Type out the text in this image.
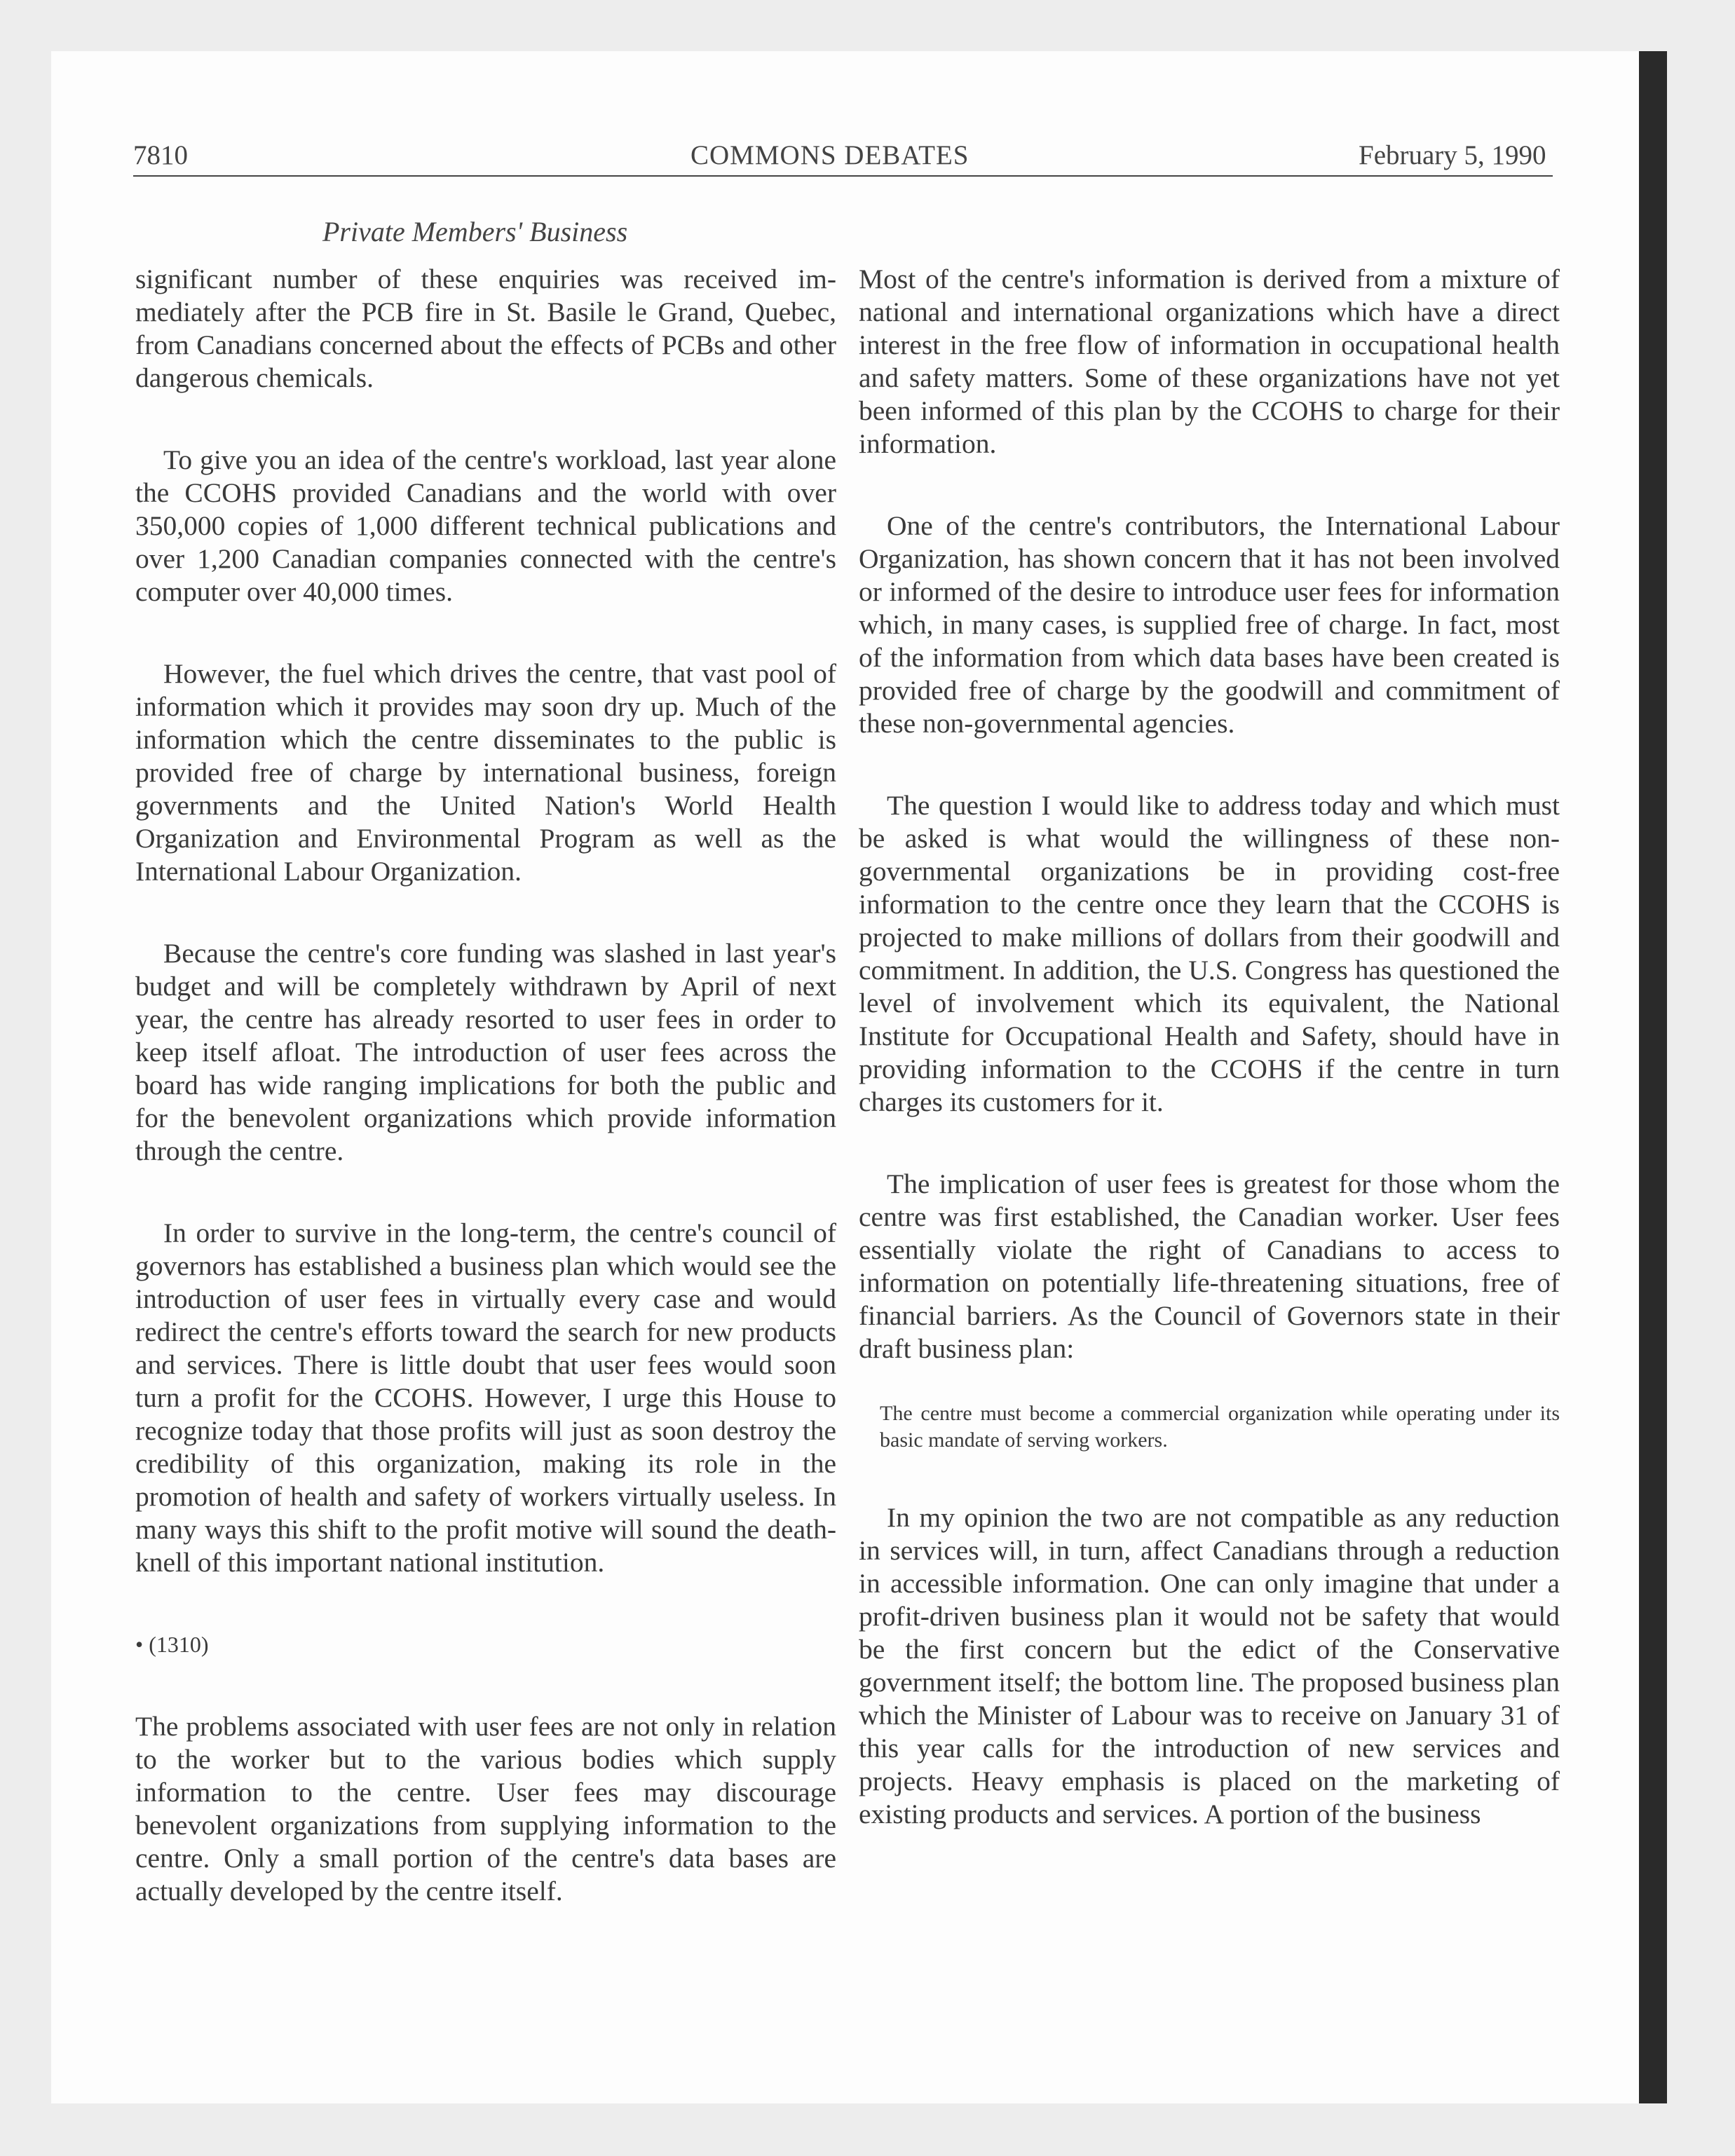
7810	COMMONS DEBATES	February 5, 1990
Private Members' Business

significant number of these enquiries was received immediately after the PCB fire in St. Basile le Grand, Quebec, from Canadians concerned about the effects of PCBs and other dangerous chemicals.

To give you an idea of the centre's workload, last year alone the CCOHS provided Canadians and the world with over 350,000 copies of 1,000 different technical publications and over 1,200 Canadian companies connected with the centre's computer over 40,000 times.

However, the fuel which drives the centre, that vast pool of information which it provides may soon dry up. Much of the information which the centre disseminates to the public is provided free of charge by international business, foreign governments and the United Nation's World Health Organization and Environmental Program as well as the International Labour Organization.

Because the centre's core funding was slashed in last year's budget and will be completely withdrawn by April of next year, the centre has already resorted to user fees in order to keep itself afloat. The introduction of user fees across the board has wide ranging implications for both the public and for the benevolent organizations which provide information through the centre.

In order to survive in the long-term, the centre's council of governors has established a business plan which would see the introduction of user fees in virtually every case and would redirect the centre's efforts toward the search for new products and services. There is little doubt that user fees would soon turn a profit for the CCOHS. However, I urge this House to recognize today that those profits will just as soon destroy the credibility of this organization, making its role in the promotion of health and safety of workers virtually useless. In many ways this shift to the profit motive will sound the death-knell of this important national institution.

• (1310)

The problems associated with user fees are not only in relation to the worker but to the various bodies which supply information to the centre. User fees may discourage benevolent organizations from supplying information to the centre. Only a small portion of the centre's data bases are actually developed by the centre itself.

Most of the centre's information is derived from a mixture of national and international organizations which have a direct interest in the free flow of information in occupational health and safety matters. Some of these organizations have not yet been informed of this plan by the CCOHS to charge for their information.

One of the centre's contributors, the International Labour Organization, has shown concern that it has not been involved or informed of the desire to introduce user fees for information which, in many cases, is supplied free of charge. In fact, most of the information from which data bases have been created is provided free of charge by the goodwill and commitment of these non-governmental agencies.

The question I would like to address today and which must be asked is what would the willingness of these non-governmental organizations be in providing cost-free information to the centre once they learn that the CCOHS is projected to make millions of dollars from their goodwill and commitment. In addition, the U.S. Congress has questioned the level of involvement which its equivalent, the National Institute for Occupational Health and Safety, should have in providing information to the CCOHS if the centre in turn charges its customers for it.

The implication of user fees is greatest for those whom the centre was first established, the Canadian worker. User fees essentially violate the right of Canadians to access to information on potentially life-threatening situations, free of financial barriers. As the Council of Governors state in their draft business plan:

The centre must become a commercial organization while operating under its basic mandate of serving workers.

In my opinion the two are not compatible as any reduction in services will, in turn, affect Canadians through a reduction in accessible information. One can only imagine that under a profit-driven business plan it would not be safety that would be the first concern but the edict of the Conservative government itself; the bottom line. The proposed business plan which the Minister of Labour was to receive on January 31 of this year calls for the introduction of new services and projects. Heavy emphasis is placed on the marketing of existing products and services. A portion of the business
